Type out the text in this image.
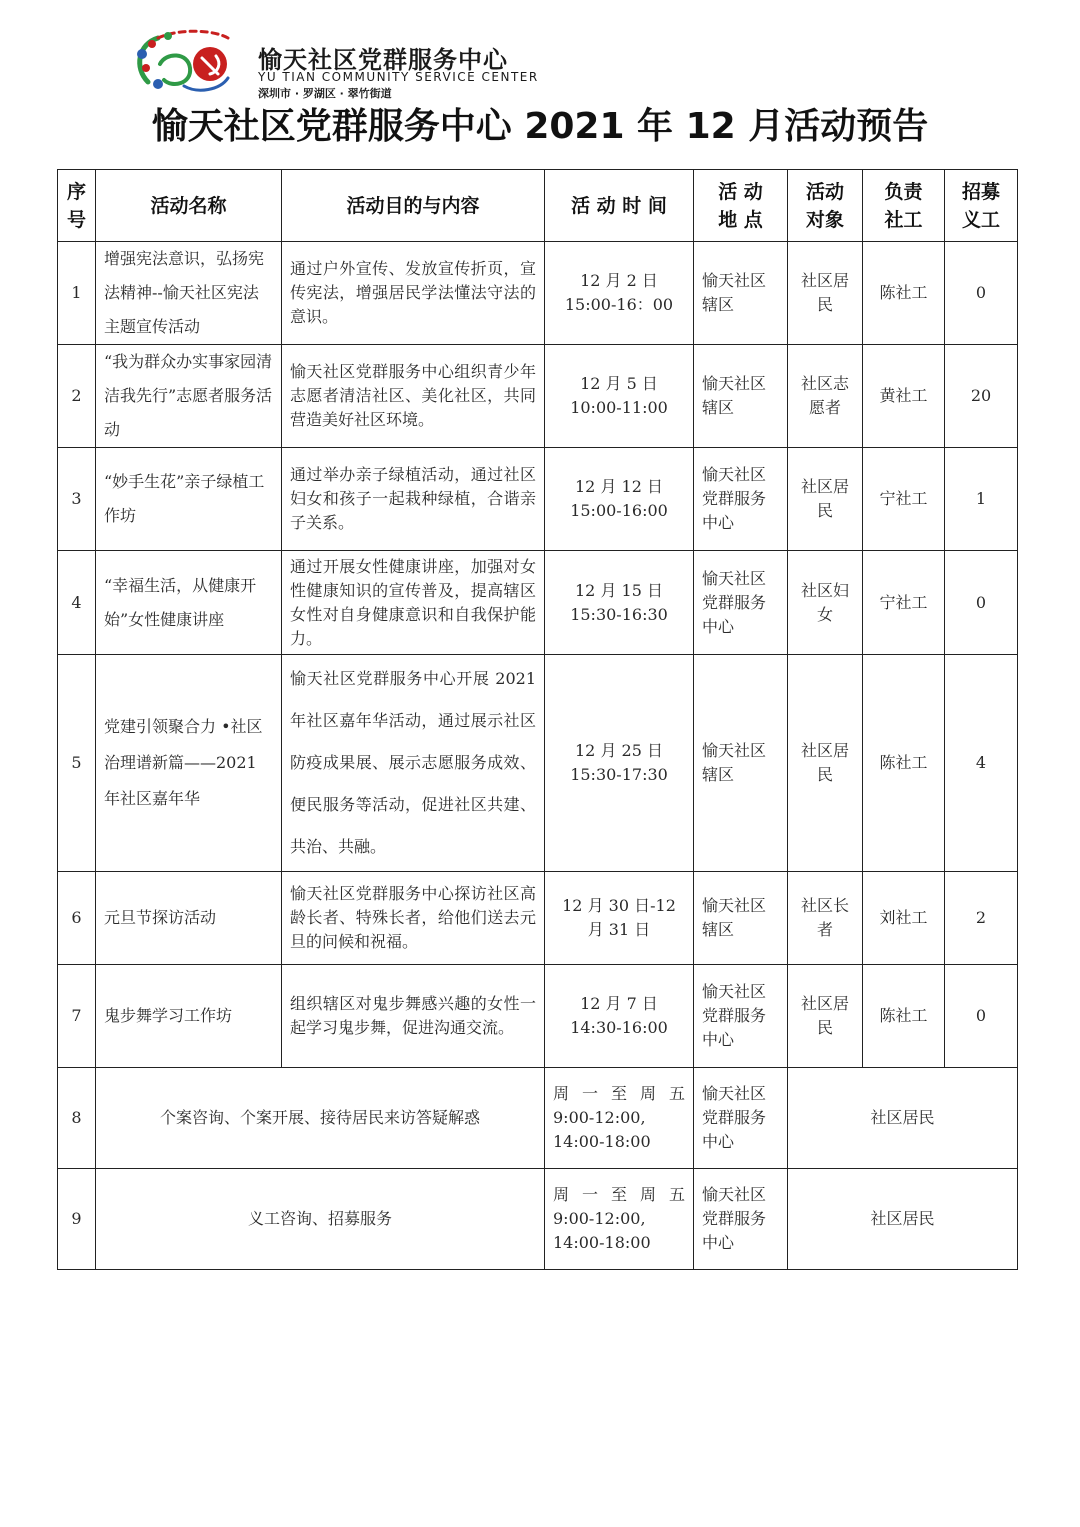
愉天社区党群服务中心
YU TIAN COMMUNITY SERVICE CENTER
深圳市 · 罗湖区 · 翠竹街道
愉天社区党群服务中心 2021 年 12 月活动预告
序号	活动名称	活动目的与内容	活 动 时 间	活 动 地 点	活动对象	负责社工	招募义工
1	增强宪法意识，弘扬宪法精神--愉天社区宪法主题宣传活动	通过户外宣传、发放宣传折页，宣传宪法，增强居民学法懂法守法的意识。	12 月 2 日 15:00-16：00	愉天社区辖区	社区居民	陈社工	0
2	“我为群众办实事家园清洁我先行”志愿者服务活动	愉天社区党群服务中心组织青少年志愿者清洁社区、美化社区，共同营造美好社区环境。	12 月 5 日 10:00-11:00	愉天社区辖区	社区志愿者	黄社工	20
3	“妙手生花”亲子绿植工作坊	通过举办亲子绿植活动，通过社区妇女和孩子一起栽种绿植，合谐亲子关系。	12 月 12 日 15:00-16:00	愉天社区党群服务中心	社区居民	宁社工	1
4	“幸福生活，从健康开始”女性健康讲座	通过开展女性健康讲座，加强对女性健康知识的宣传普及，提高辖区女性对自身健康意识和自我保护能力。	12 月 15 日 15:30-16:30	愉天社区党群服务中心	社区妇女	宁社工	0
5	党建引领聚合力 •社区治理谱新篇——2021 年社区嘉年华	愉天社区党群服务中心开展 2021 年社区嘉年华活动，通过展示社区防疫成果展、展示志愿服务成效、便民服务等活动，促进社区共建、共治、共融。	12 月 25 日 15:30-17:30	愉天社区辖区	社区居民	陈社工	4
6	元旦节探访活动	愉天社区党群服务中心探访社区高龄长者、特殊长者，给他们送去元旦的问候和祝福。	12 月 30 日-12 月 31 日	愉天社区辖区	社区长者	刘社工	2
7	鬼步舞学习工作坊	组织辖区对鬼步舞感兴趣的女性一起学习鬼步舞，促进沟通交流。	12 月 7 日 14:30-16:00	愉天社区党群服务中心	社区居民	陈社工	0
8	个案咨询、个案开展、接待居民来访答疑解惑		周 一 至 周 五 9:00-12:00, 14:00-18:00	愉天社区党群服务中心	社区居民		
9	义工咨询、招募服务		周 一 至 周 五 9:00-12:00, 14:00-18:00	愉天社区党群服务中心	社区居民		
